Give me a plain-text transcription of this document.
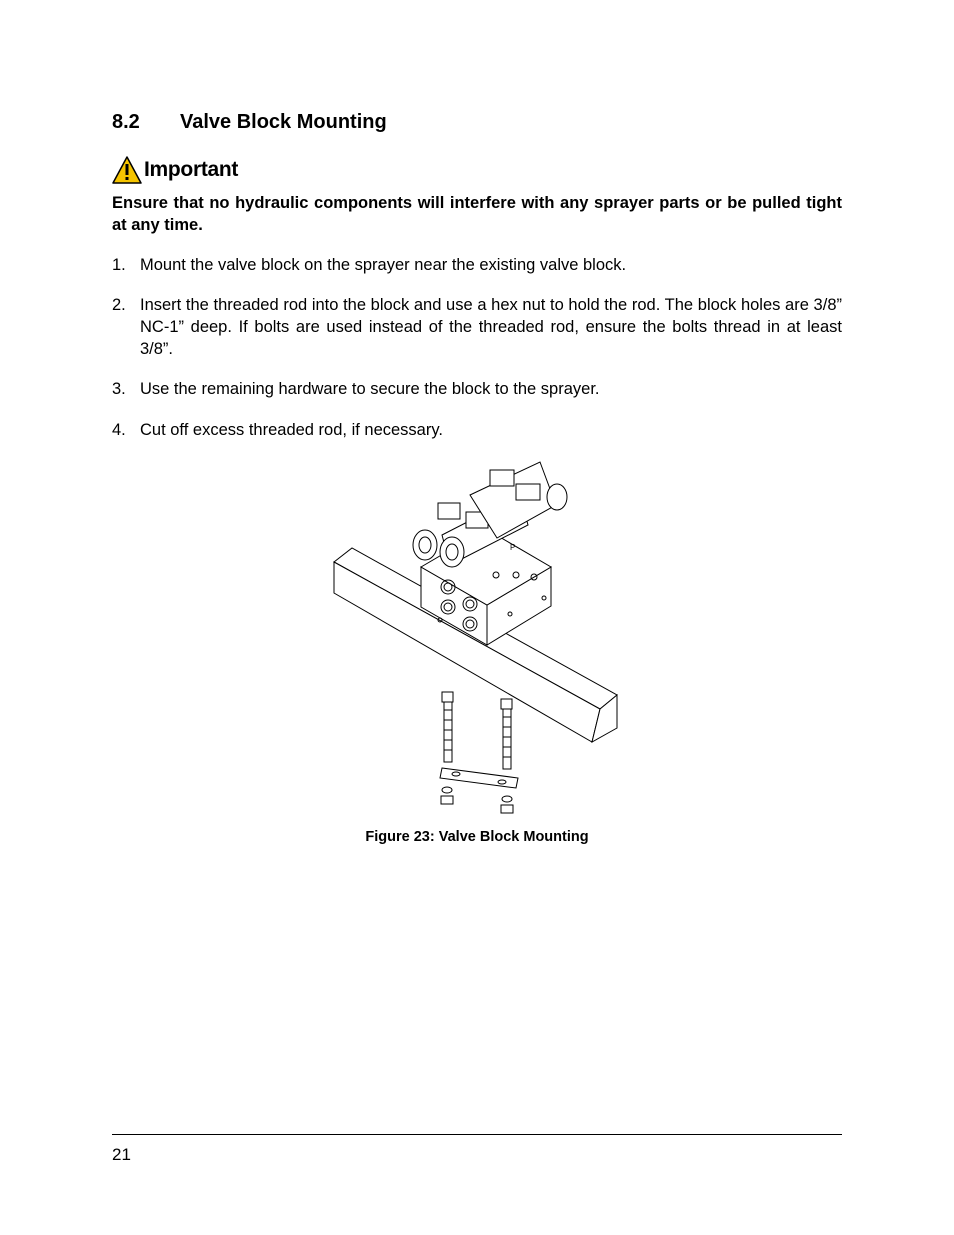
8.2	Valve Block Mounting
Important

Ensure that no hydraulic components will interfere with any sprayer parts or be pulled tight at any time.

1. Mount the valve block on the sprayer near the existing valve block.
2. Insert the threaded rod into the block and use a hex nut to hold the rod. The block holes are 3/8” NC-1” deep. If bolts are used instead of the threaded rod, ensure the bolts thread in at least 3/8”.
3. Use the remaining hardware to secure the block to the sprayer.
4. Cut off excess threaded rod, if necessary.
P

Figure 23: Valve Block Mounting

21
